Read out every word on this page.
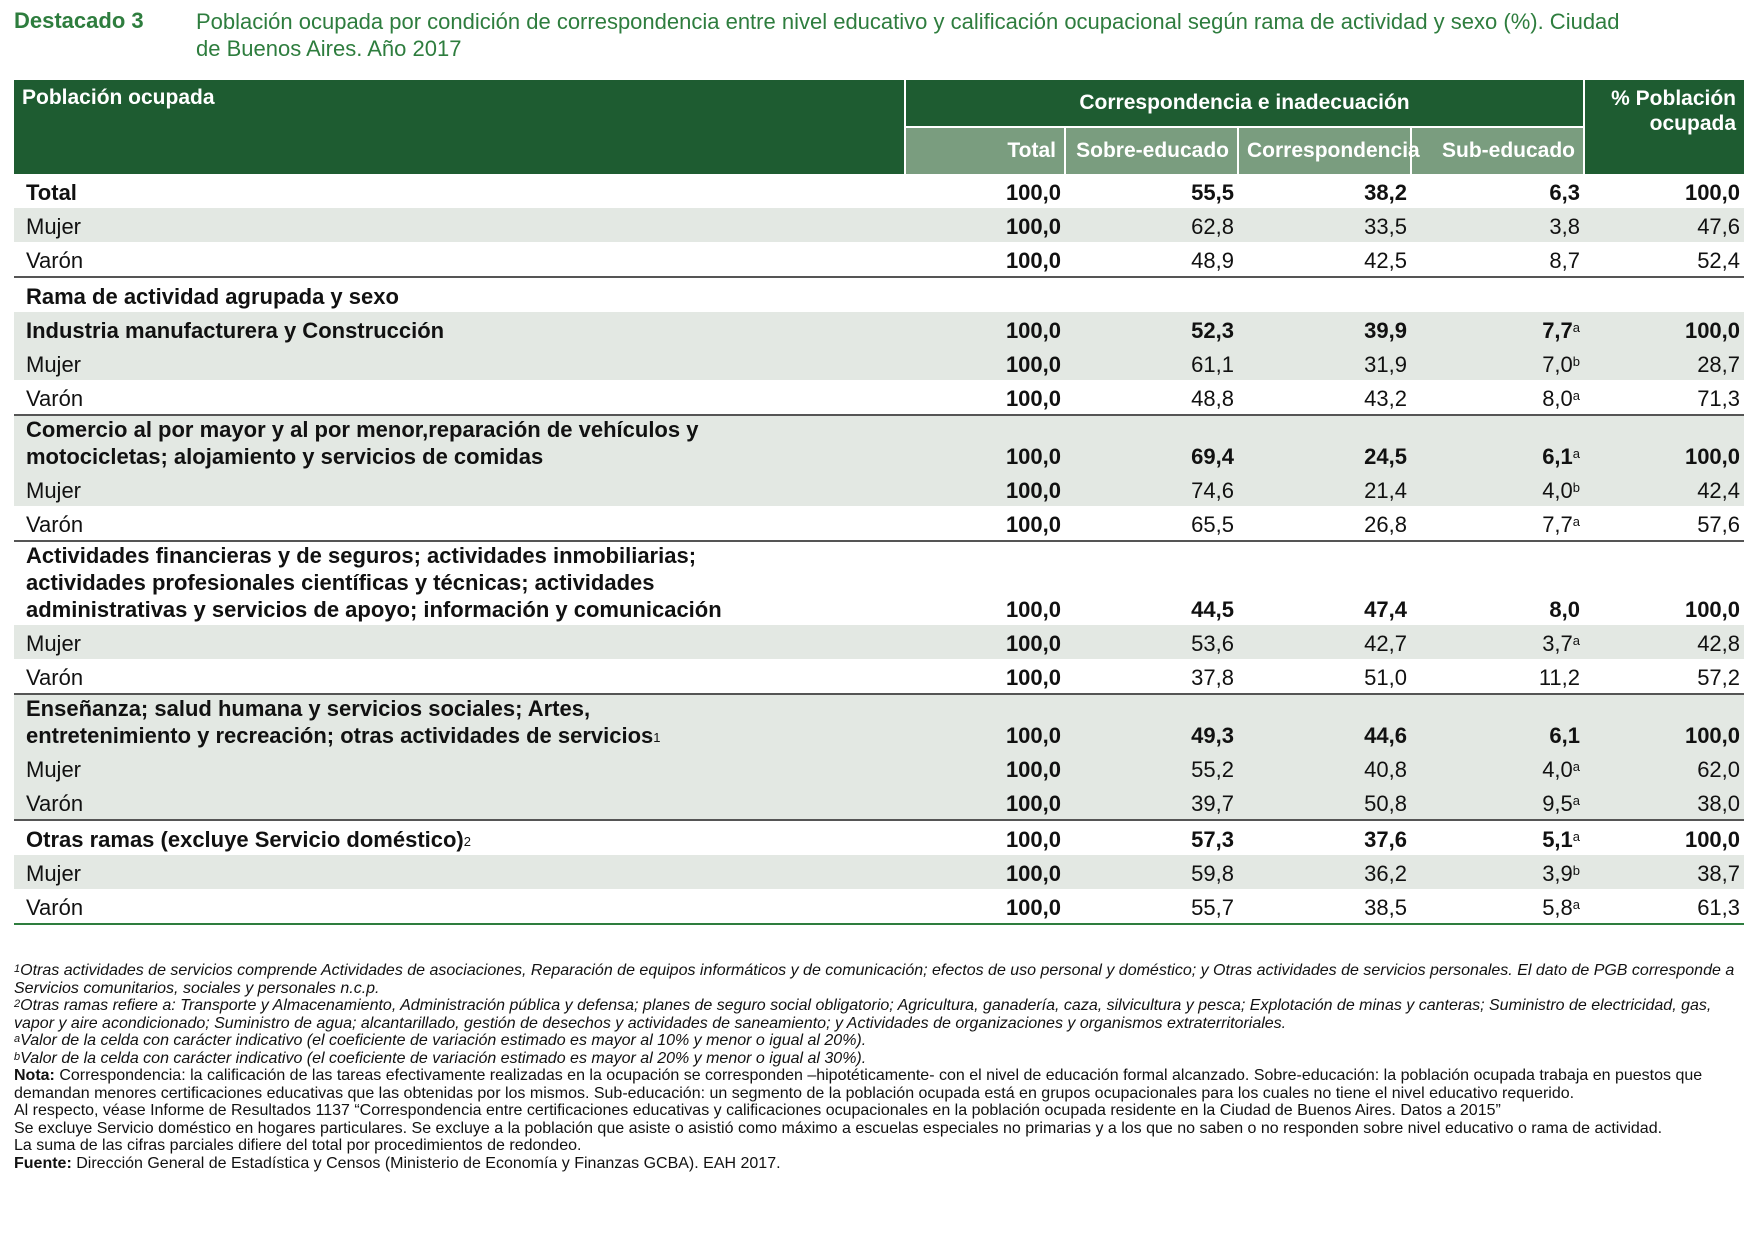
Destacado 3 Población ocupada por condición de correspondencia entre nivel educativo y calificación ocupacional según rama de actividad y sexo (%). Ciudad de Buenos Aires. Año 2017
Población ocupada	Correspondencia e inadecuación				% Población ocupada
	Total	Sobre-educado	Correspondencia	Sub-educado	

Total	100,0	55,5	38,2	6,3	100,0

Mujer	100,0	62,8	33,5	3,8	47,6

Varón	100,0	48,9	42,5	8,7	52,4

Rama de actividad agrupada y sexo					

Industria manufacturera y Construcción	100,0	52,3	39,9	7,7$^a$	100,0

Mujer	100,0	61,1	31,9	7,0$^b$	28,7

Varón	100,0	48,8	43,2	8,0$^a$	71,3

Comercio al por mayor y al por menor,reparación de vehículos y motocicletas; alojamiento y servicios de comidas	100,0	69,4	24,5	6,1$^a$	100,0

Mujer	100,0	74,6	21,4	4,0$^b$	42,4

Varón	100,0	65,5	26,8	7,7$^a$	57,6

Actividades financieras y de seguros; actividades inmobiliarias; actividades profesionales científicas y técnicas; actividades administrativas y servicios de apoyo; información y comunicación	100,0	44,5	47,4	8,0	100,0

Mujer	100,0	53,6	42,7	3,7$^a$	42,8

Varón	100,0	37,8	51,0	11,2	57,2

Enseñanza; salud humana y servicios sociales; Artes, entretenimiento y recreación; otras actividades de servicios$^1$	100,0	49,3	44,6	6,1	100,0

Mujer	100,0	55,2	40,8	4,0$^a$	62,0

Varón	100,0	39,7	50,8	9,5$^a$	38,0

Otras ramas (excluye Servicio doméstico)$^2$	100,0	57,3	37,6	5,1$^a$	100,0

Mujer	100,0	59,8	36,2	3,9$^b$	38,7

Varón	100,0	55,7	38,5	5,8$^a$	61,3
$^1$Otras actividades de servicios comprende Actividades de asociaciones, Reparación de equipos informáticos y de comunicación; efectos de uso personal y doméstico; y Otras actividades de servicios personales. El dato de PGB corresponde a Servicios comunitarios, sociales y personales n.c.p.
$^2$Otras ramas refiere a: Transporte y Almacenamiento, Administración pública y defensa; planes de seguro social obligatorio; Agricultura, ganadería, caza, silvicultura y pesca; Explotación de minas y canteras; Suministro de electricidad, gas, vapor y aire acondicionado; Suministro de agua; alcantarillado, gestión de desechos y actividades de saneamiento; y Actividades de organizaciones y organismos extraterritoriales.
$^a$Valor de la celda con carácter indicativo (el coeficiente de variación estimado es mayor al 10% y menor o igual al 20%).
$^b$Valor de la celda con carácter indicativo (el coeficiente de variación estimado es mayor al 20% y menor o igual al 30%).
Nota: Correspondencia: la calificación de las tareas efectivamente realizadas en la ocupación se corresponden –hipotéticamente- con el nivel de educación formal alcanzado. Sobre-educación: la población ocupada trabaja en puestos que demandan menores certificaciones educativas que las obtenidas por los mismos. Sub-educación: un segmento de la población ocupada está en grupos ocupacionales para los cuales no tiene el nivel educativo requerido.
Al respecto, véase Informe de Resultados 1137 “Correspondencia entre certificaciones educativas y calificaciones ocupacionales en la población ocupada residente en la Ciudad de Buenos Aires. Datos a 2015”
Se excluye Servicio doméstico en hogares particulares. Se excluye a la población que asiste o asistió como máximo a escuelas especiales no primarias y a los que no saben o no responden sobre nivel educativo o rama de actividad.
La suma de las cifras parciales difiere del total por procedimientos de redondeo.
Fuente: Dirección General de Estadística y Censos (Ministerio de Economía y Finanzas GCBA). EAH 2017.
